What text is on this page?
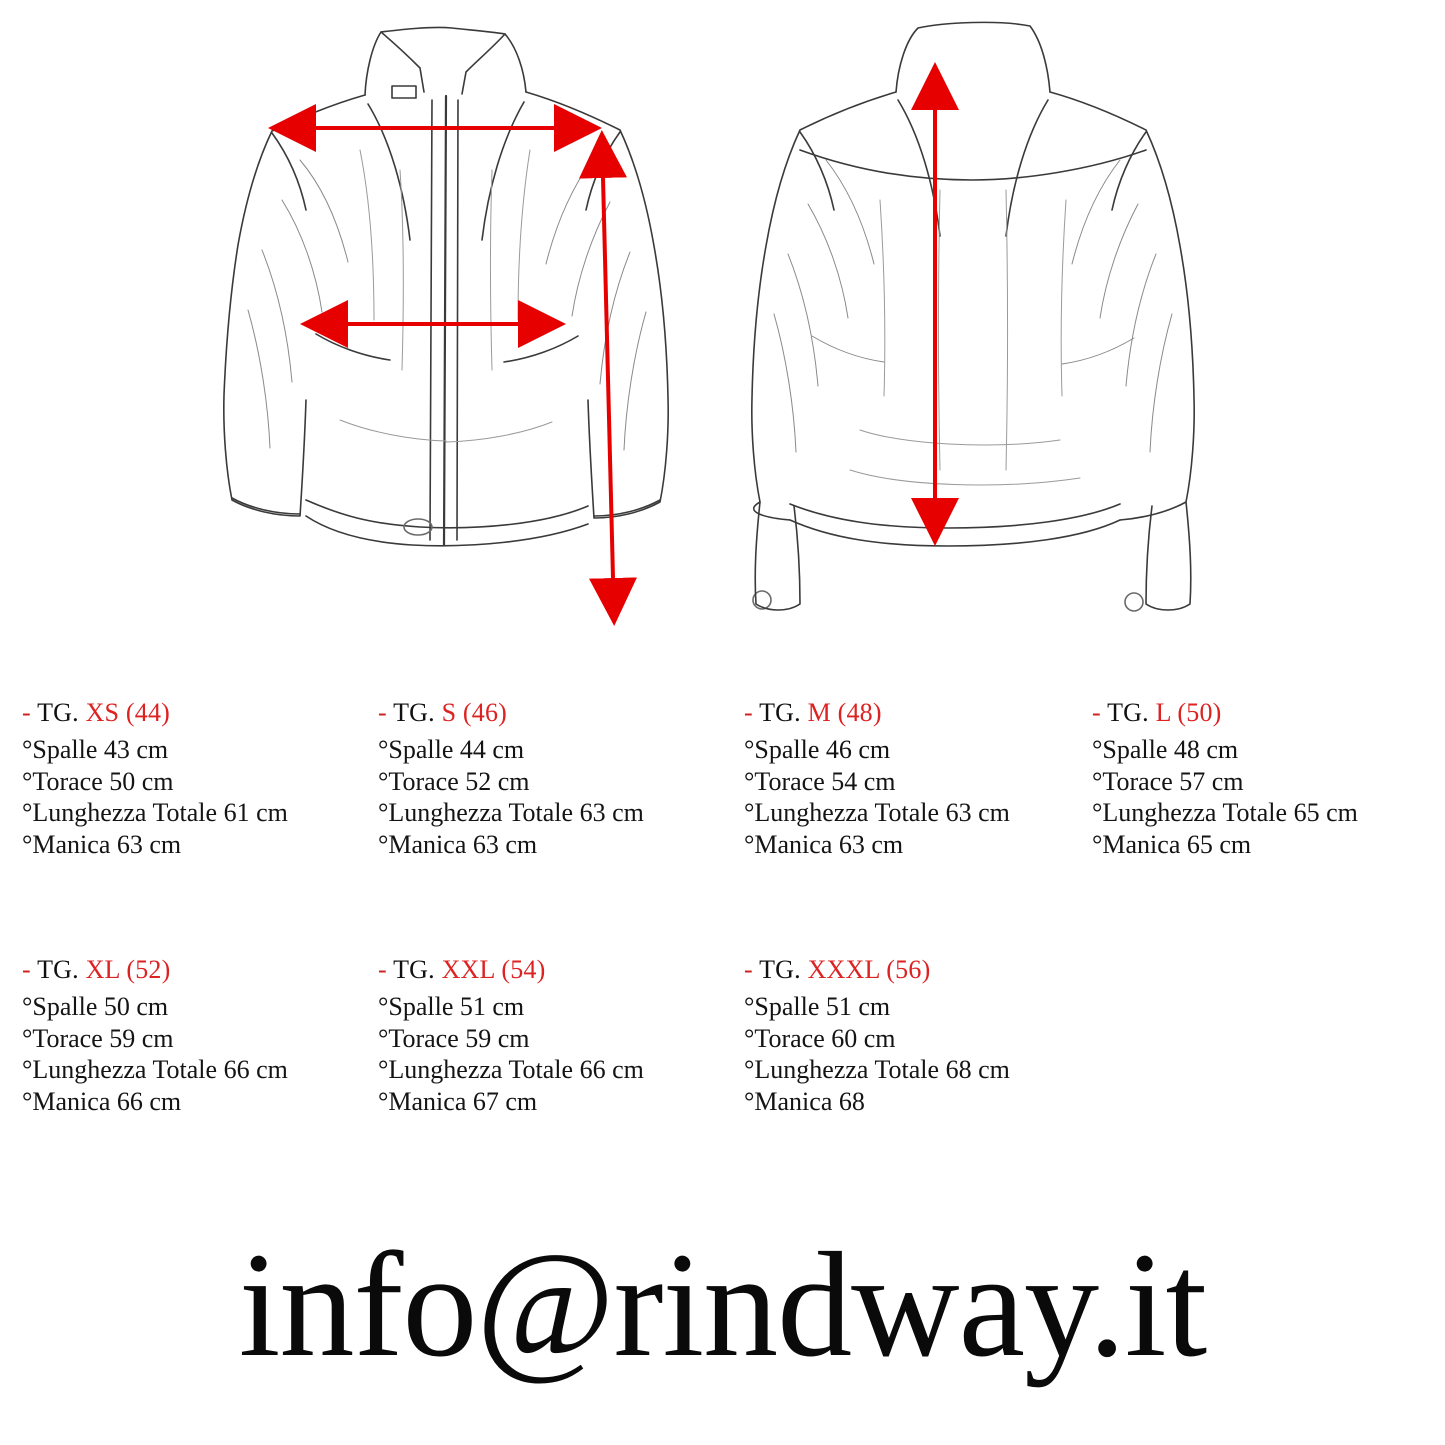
- TG. XS (44)
°Spalle 43 cm
°Torace 50 cm
°Lunghezza Totale 61 cm
°Manica 63 cm
- TG. S (46)
°Spalle 44 cm
°Torace 52 cm
°Lunghezza Totale 63 cm
°Manica 63 cm
- TG. M (48)
°Spalle 46 cm
°Torace 54 cm
°Lunghezza Totale 63 cm
°Manica 63 cm
- TG. L (50)
°Spalle 48 cm
°Torace 57 cm
°Lunghezza Totale 65 cm
°Manica 65 cm
- TG. XL (52)
°Spalle 50 cm
°Torace 59 cm
°Lunghezza Totale 66 cm
°Manica 66 cm
- TG. XXL (54)
°Spalle 51 cm
°Torace 59 cm
°Lunghezza Totale 66 cm
°Manica 67 cm
- TG. XXXL (56)
°Spalle 51 cm
°Torace 60 cm
°Lunghezza Totale 68 cm
°Manica 68
info@rindway.it
